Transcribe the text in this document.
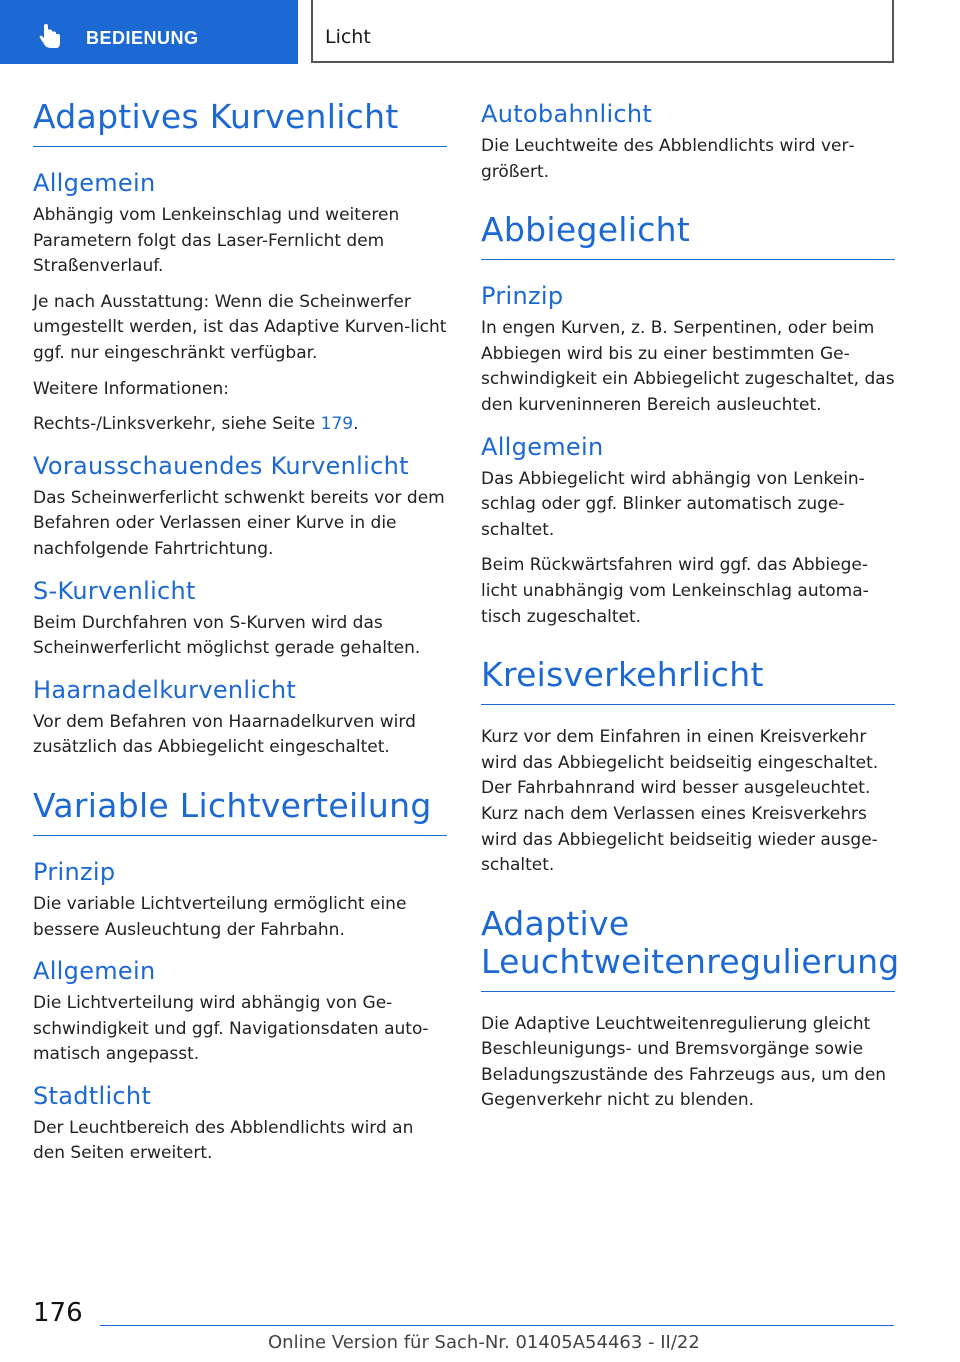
BEDIENUNG	Licht
Adaptives Kurvenlicht
Allgemein

Abhängig vom Lenkeinschlag und weiteren Parametern folgt das Laser-Fernlicht dem Straßenverlauf.

Je nach Ausstattung: Wenn die Scheinwerfer umgestellt werden, ist das Adaptive Kurven‐licht ggf. nur eingeschränkt verfügbar.

Weitere Informationen:

Rechts-/Linksverkehr, siehe Seite 179.

Vorausschauendes Kurvenlicht

Das Scheinwerferlicht schwenkt bereits vor dem Befahren oder Verlassen einer Kurve in die nachfolgende Fahrtrichtung.

S-Kurvenlicht

Beim Durchfahren von S-Kurven wird das Scheinwerferlicht möglichst gerade gehalten.

Haarnadelkurvenlicht

Vor dem Befahren von Haarnadelkurven wird zusätzlich das Abbiegelicht eingeschaltet.

Variable Lichtverteilung
Prinzip

Die variable Lichtverteilung ermöglicht eine bessere Ausleuchtung der Fahrbahn.

Allgemein

Die Lichtverteilung wird abhängig von Ge‐schwindigkeit und ggf. Navigationsdaten auto‐matisch angepasst.

Stadtlicht

Der Leuchtbereich des Abblendlichts wird an den Seiten erweitert.

Autobahnlicht

Die Leuchtweite des Abblendlichts wird ver‐größert.

Abbiegelicht
Prinzip

In engen Kurven, z. B. Serpentinen, oder beim Abbiegen wird bis zu einer bestimmten Ge‐schwindigkeit ein Abbiegelicht zugeschaltet, das den kurveninneren Bereich ausleuchtet.

Allgemein

Das Abbiegelicht wird abhängig von Lenkein‐schlag oder ggf. Blinker automatisch zuge‐schaltet.

Beim Rückwärtsfahren wird ggf. das Abbiege‐licht unabhängig vom Lenkeinschlag automa‐tisch zugeschaltet.

Kreisverkehrlicht

Kurz vor dem Einfahren in einen Kreisverkehr wird das Abbiegelicht beidseitig eingeschaltet. Der Fahrbahnrand wird besser ausgeleuchtet. Kurz nach dem Verlassen eines Kreisverkehrs wird das Abbiegelicht beidseitig wieder ausge‐schaltet.

Adaptive Leuchtweitenregulierung

Die Adaptive Leuchtweitenregulierung gleicht Beschleunigungs- und Bremsvorgänge sowie Beladungszustände des Fahrzeugs aus, um den Gegenverkehr nicht zu blenden.

176
Online Version für Sach-Nr. 01405A54463 - II/22
